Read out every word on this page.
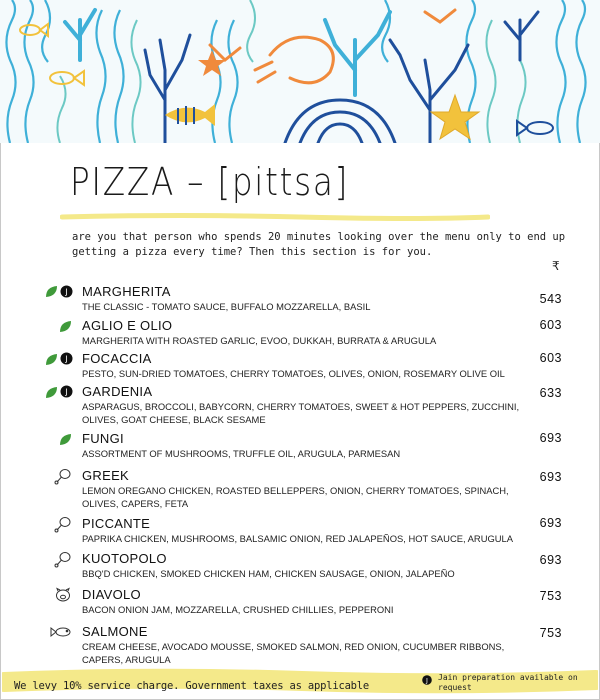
PIZZA – [pittsa]

are you that person who spends 20 minutes looking over the menu only to end up getting a pizza every time? Then this section is for you.

₹
J MARGHERITA

THE CLASSIC - TOMATO SAUCE, BUFFALO MOZZARELLA, BASIL

543
AGLIO E OLIO

MARGHERITA WITH ROASTED GARLIC, EVOO, DUKKAH, BURRATA & ARUGULA

603
J FOCACCIA

PESTO, SUN-DRIED TOMATOES, CHERRY TOMATOES, OLIVES, ONION, ROSEMARY OLIVE OIL

603
J GARDENIA

ASPARAGUS, BROCCOLI, BABYCORN, CHERRY TOMATOES, SWEET & HOT PEPPERS, ZUCCHINI, OLIVES, GOAT CHEESE, BLACK SESAME

633
FUNGI

ASSORTMENT OF MUSHROOMS, TRUFFLE OIL, ARUGULA, PARMESAN

693
GREEK

LEMON OREGANO CHICKEN, ROASTED BELLEPPERS, ONION, CHERRY TOMATOES, SPINACH, OLIVES, CAPERS, FETA

693
PICCANTE

PAPRIKA CHICKEN, MUSHROOMS, BALSAMIC ONION, RED JALAPEÑOS, HOT SAUCE, ARUGULA

693
KUOTOPOLO

BBQ'D CHICKEN, SMOKED CHICKEN HAM, CHICKEN SAUSAGE, ONION, JALAPEÑO

693
DIAVOLO

BACON ONION JAM, MOZZARELLA, CRUSHED CHILLIES, PEPPERONI

753
SALMONE

CREAM CHEESE, AVOCADO MOUSSE, SMOKED SALMON, RED ONION, CUCUMBER RIBBONS, CAPERS, ARUGULA

753
We levy 10% service charge. Government taxes as applicable	J Jain preparation available on request
